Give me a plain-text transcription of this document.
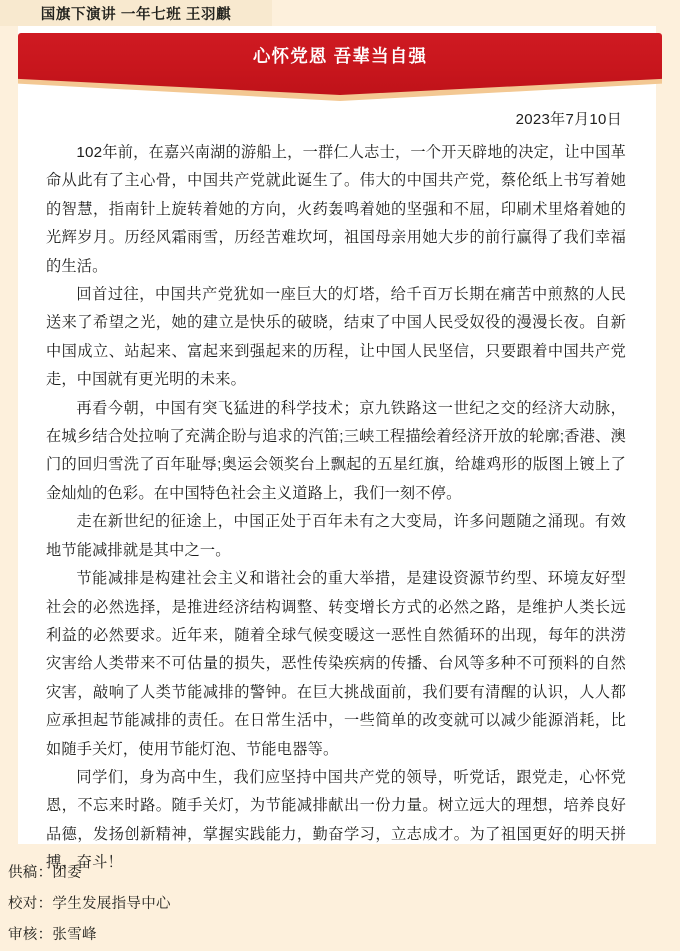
国旗下演讲 一年七班 王羽麒
心怀党恩 吾辈当自强
2023年7月10日

102年前，在嘉兴南湖的游船上，一群仁人志士，一个开天辟地的决定，让中国革命从此有了主心骨，中国共产党就此诞生了。伟大的中国共产党，蔡伦纸上书写着她的智慧，指南针上旋转着她的方向，火药轰鸣着她的坚强和不屈，印刷术里烙着她的光辉岁月。历经风霜雨雪，历经苦难坎坷，祖国母亲用她大步的前行赢得了我们幸福的生活。

回首过往，中国共产党犹如一座巨大的灯塔，给千百万长期在痛苦中煎熬的人民送来了希望之光，她的建立是快乐的破晓，结束了中国人民受奴役的漫漫长夜。自新中国成立、站起来、富起来到强起来的历程，让中国人民坚信，只要跟着中国共产党走，中国就有更光明的未来。

再看今朝，中国有突飞猛进的科学技术；京九铁路这一世纪之交的经济大动脉，在城乡结合处拉响了充满企盼与追求的汽笛;三峡工程描绘着经济开放的轮廓;香港、澳门的回归雪洗了百年耻辱;奥运会领奖台上飘起的五星红旗，给雄鸡形的版图上镀上了金灿灿的色彩。在中国特色社会主义道路上，我们一刻不停。

走在新世纪的征途上，中国正处于百年未有之大变局，许多问题随之涌现。有效地节能减排就是其中之一。

节能减排是构建社会主义和谐社会的重大举措，是建设资源节约型、环境友好型社会的必然选择，是推进经济结构调整、转变增长方式的必然之路，是维护人类长远利益的必然要求。近年来，随着全球气候变暖这一恶性自然循环的出现，每年的洪涝灾害给人类带来不可估量的损失，恶性传染疾病的传播、台风等多种不可预料的自然灾害，敲响了人类节能减排的警钟。在巨大挑战面前，我们要有清醒的认识，人人都应承担起节能减排的责任。在日常生活中，一些简单的改变就可以减少能源消耗，比如随手关灯，使用节能灯泡、节能电器等。

同学们，身为高中生，我们应坚持中国共产党的领导，听党话，跟党走，心怀党恩，不忘来时路。随手关灯，为节能减排献出一份力量。树立远大的理想，培养良好品德，发扬创新精神，掌握实践能力，勤奋学习，立志成才。为了祖国更好的明天拼搏、奋斗！

供稿：团委
校对：学生发展指导中心
审核：张雪峰
